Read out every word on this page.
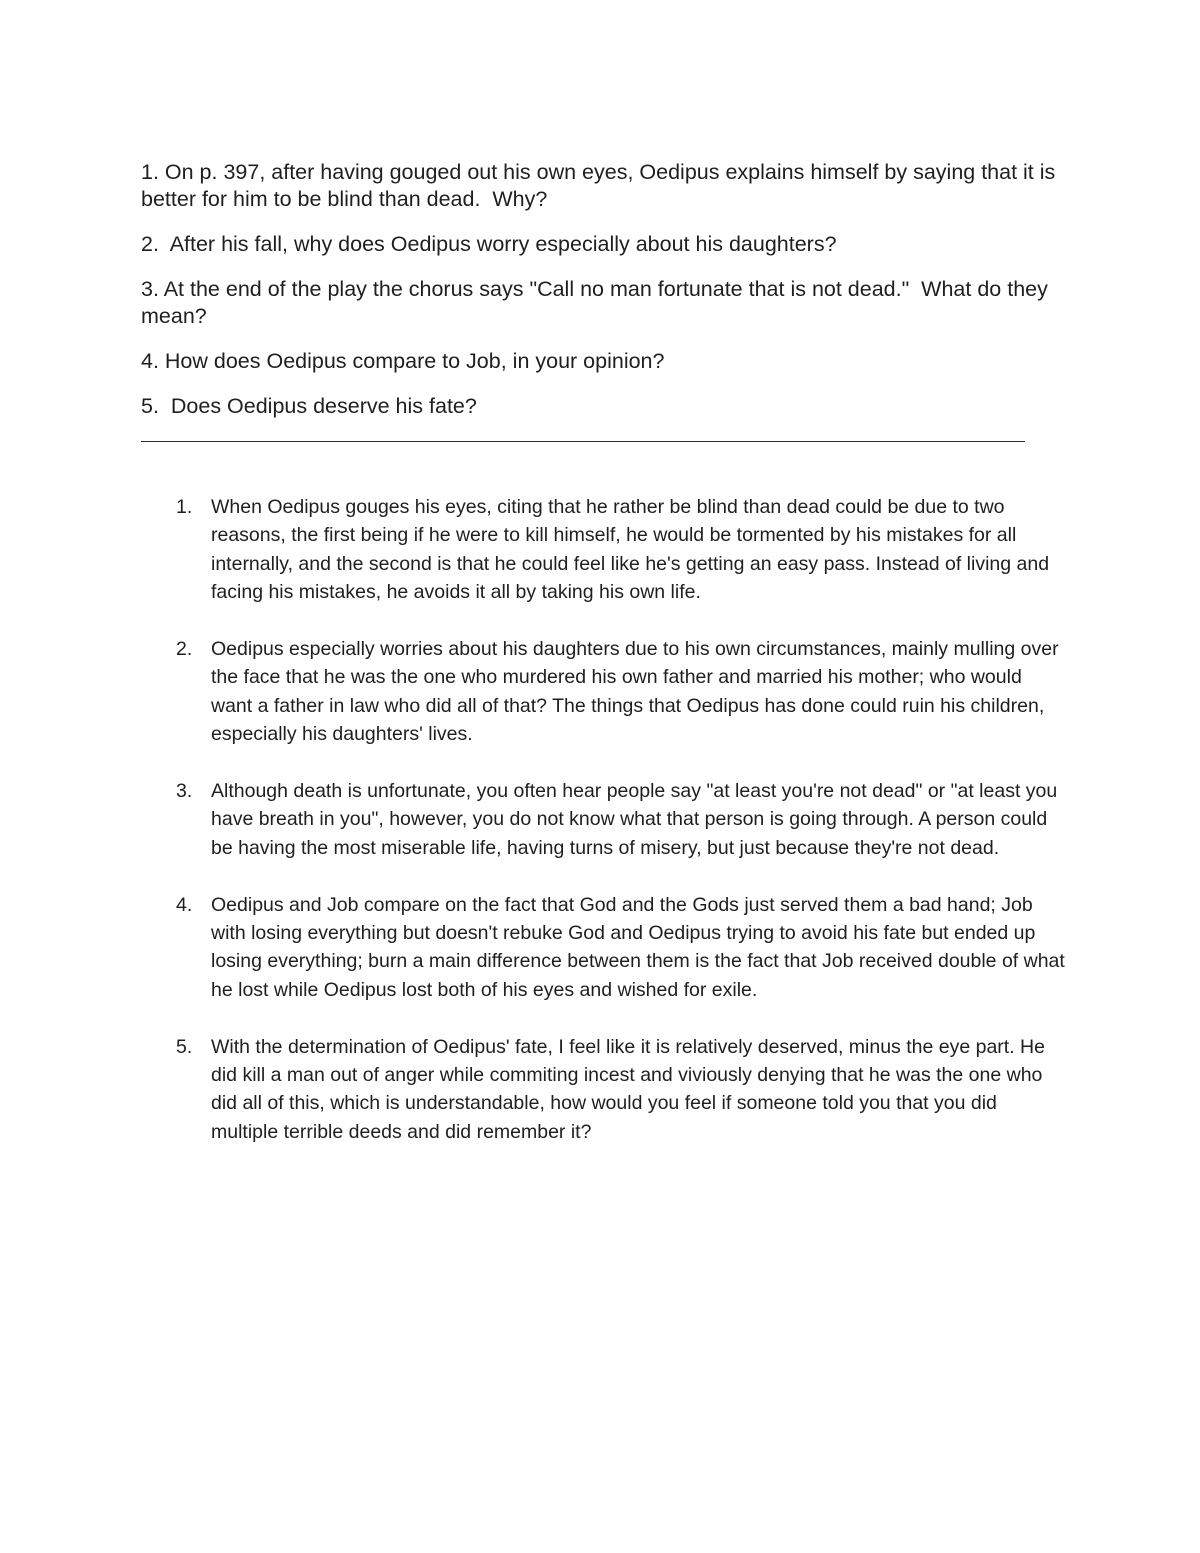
1. On p. 397, after having gouged out his own eyes, Oedipus explains himself by saying that it is better for him to be blind than dead.  Why?

2.  After his fall, why does Oedipus worry especially about his daughters?

3. At the end of the play the chorus says "Call no man fortunate that is not dead."  What do they mean?

4. How does Oedipus compare to Job, in your opinion?

5.  Does Oedipus deserve his fate?

1. When Oedipus gouges his eyes, citing that he rather be blind than dead could be due to two reasons, the first being if he were to kill himself, he would be tormented by his mistakes for all internally, and the second is that he could feel like he's getting an easy pass. Instead of living and facing his mistakes, he avoids it all by taking his own life.
2. Oedipus especially worries about his daughters due to his own circumstances, mainly mulling over the face that he was the one who murdered his own father and married his mother; who would want a father in law who did all of that? The things that Oedipus has done could ruin his children, especially his daughters' lives.
3. Although death is unfortunate, you often hear people say "at least you're not dead" or "at least you have breath in you", however, you do not know what that person is going through. A person could be having the most miserable life, having turns of misery, but just because they're not dead.
4. Oedipus and Job compare on the fact that God and the Gods just served them a bad hand; Job with losing everything but doesn't rebuke God and Oedipus trying to avoid his fate but ended up losing everything; burn a main difference between them is the fact that Job received double of what he lost while Oedipus lost both of his eyes and wished for exile.
5. With the determination of Oedipus' fate, I feel like it is relatively deserved, minus the eye part. He did kill a man out of anger while commiting incest and viviously denying that he was the one who did all of this, which is understandable, how would you feel if someone told you that you did multiple terrible deeds and did remember it?
